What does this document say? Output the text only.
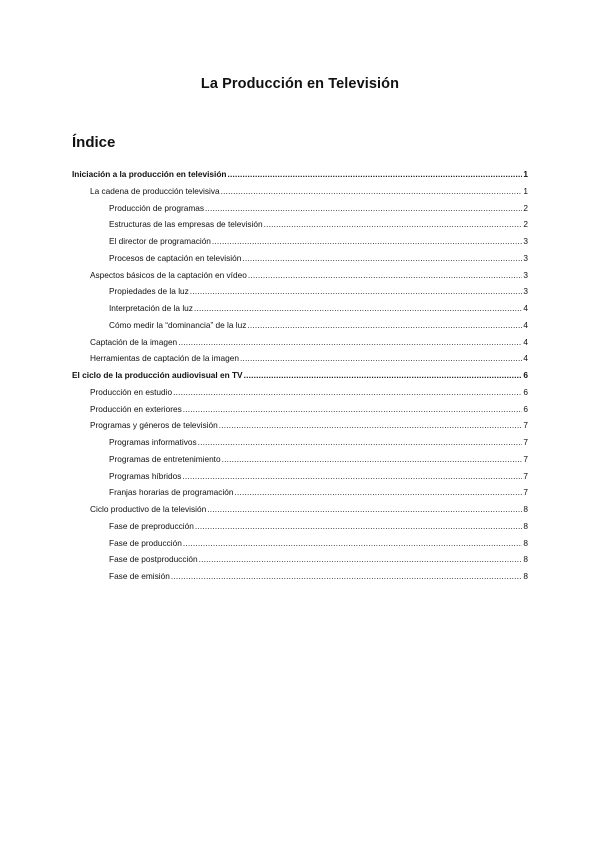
La Producción en Televisión
Índice
Iniciación a la producción en televisión .....	1
La cadena de producción televisiva .....	1
Producción de programas .....	2
Estructuras de las empresas de televisión .....	2
El director de programación .....	3
Procesos de captación en televisión .....	3
Aspectos básicos de la captación en vídeo .....	3
Propiedades de la luz .....	3
Interpretación de la luz .....	4
Cómo medir la “dominancia” de la luz .....	4
Captación de la imagen .....	4
Herramientas de captación de la imagen .....	4
El ciclo de la producción audiovisual en TV .....	6
Producción en estudio .....	6
Producción en exteriores .....	6
Programas y géneros de televisión .....	7
Programas informativos .....	7
Programas de entretenimiento .....	7
Programas híbridos .....	7
Franjas horarias de programación .....	7
Ciclo productivo de la televisión .....	8
Fase de preproducción .....	8
Fase de producción .....	8
Fase de postproducción .....	8
Fase de emisión .....	8
